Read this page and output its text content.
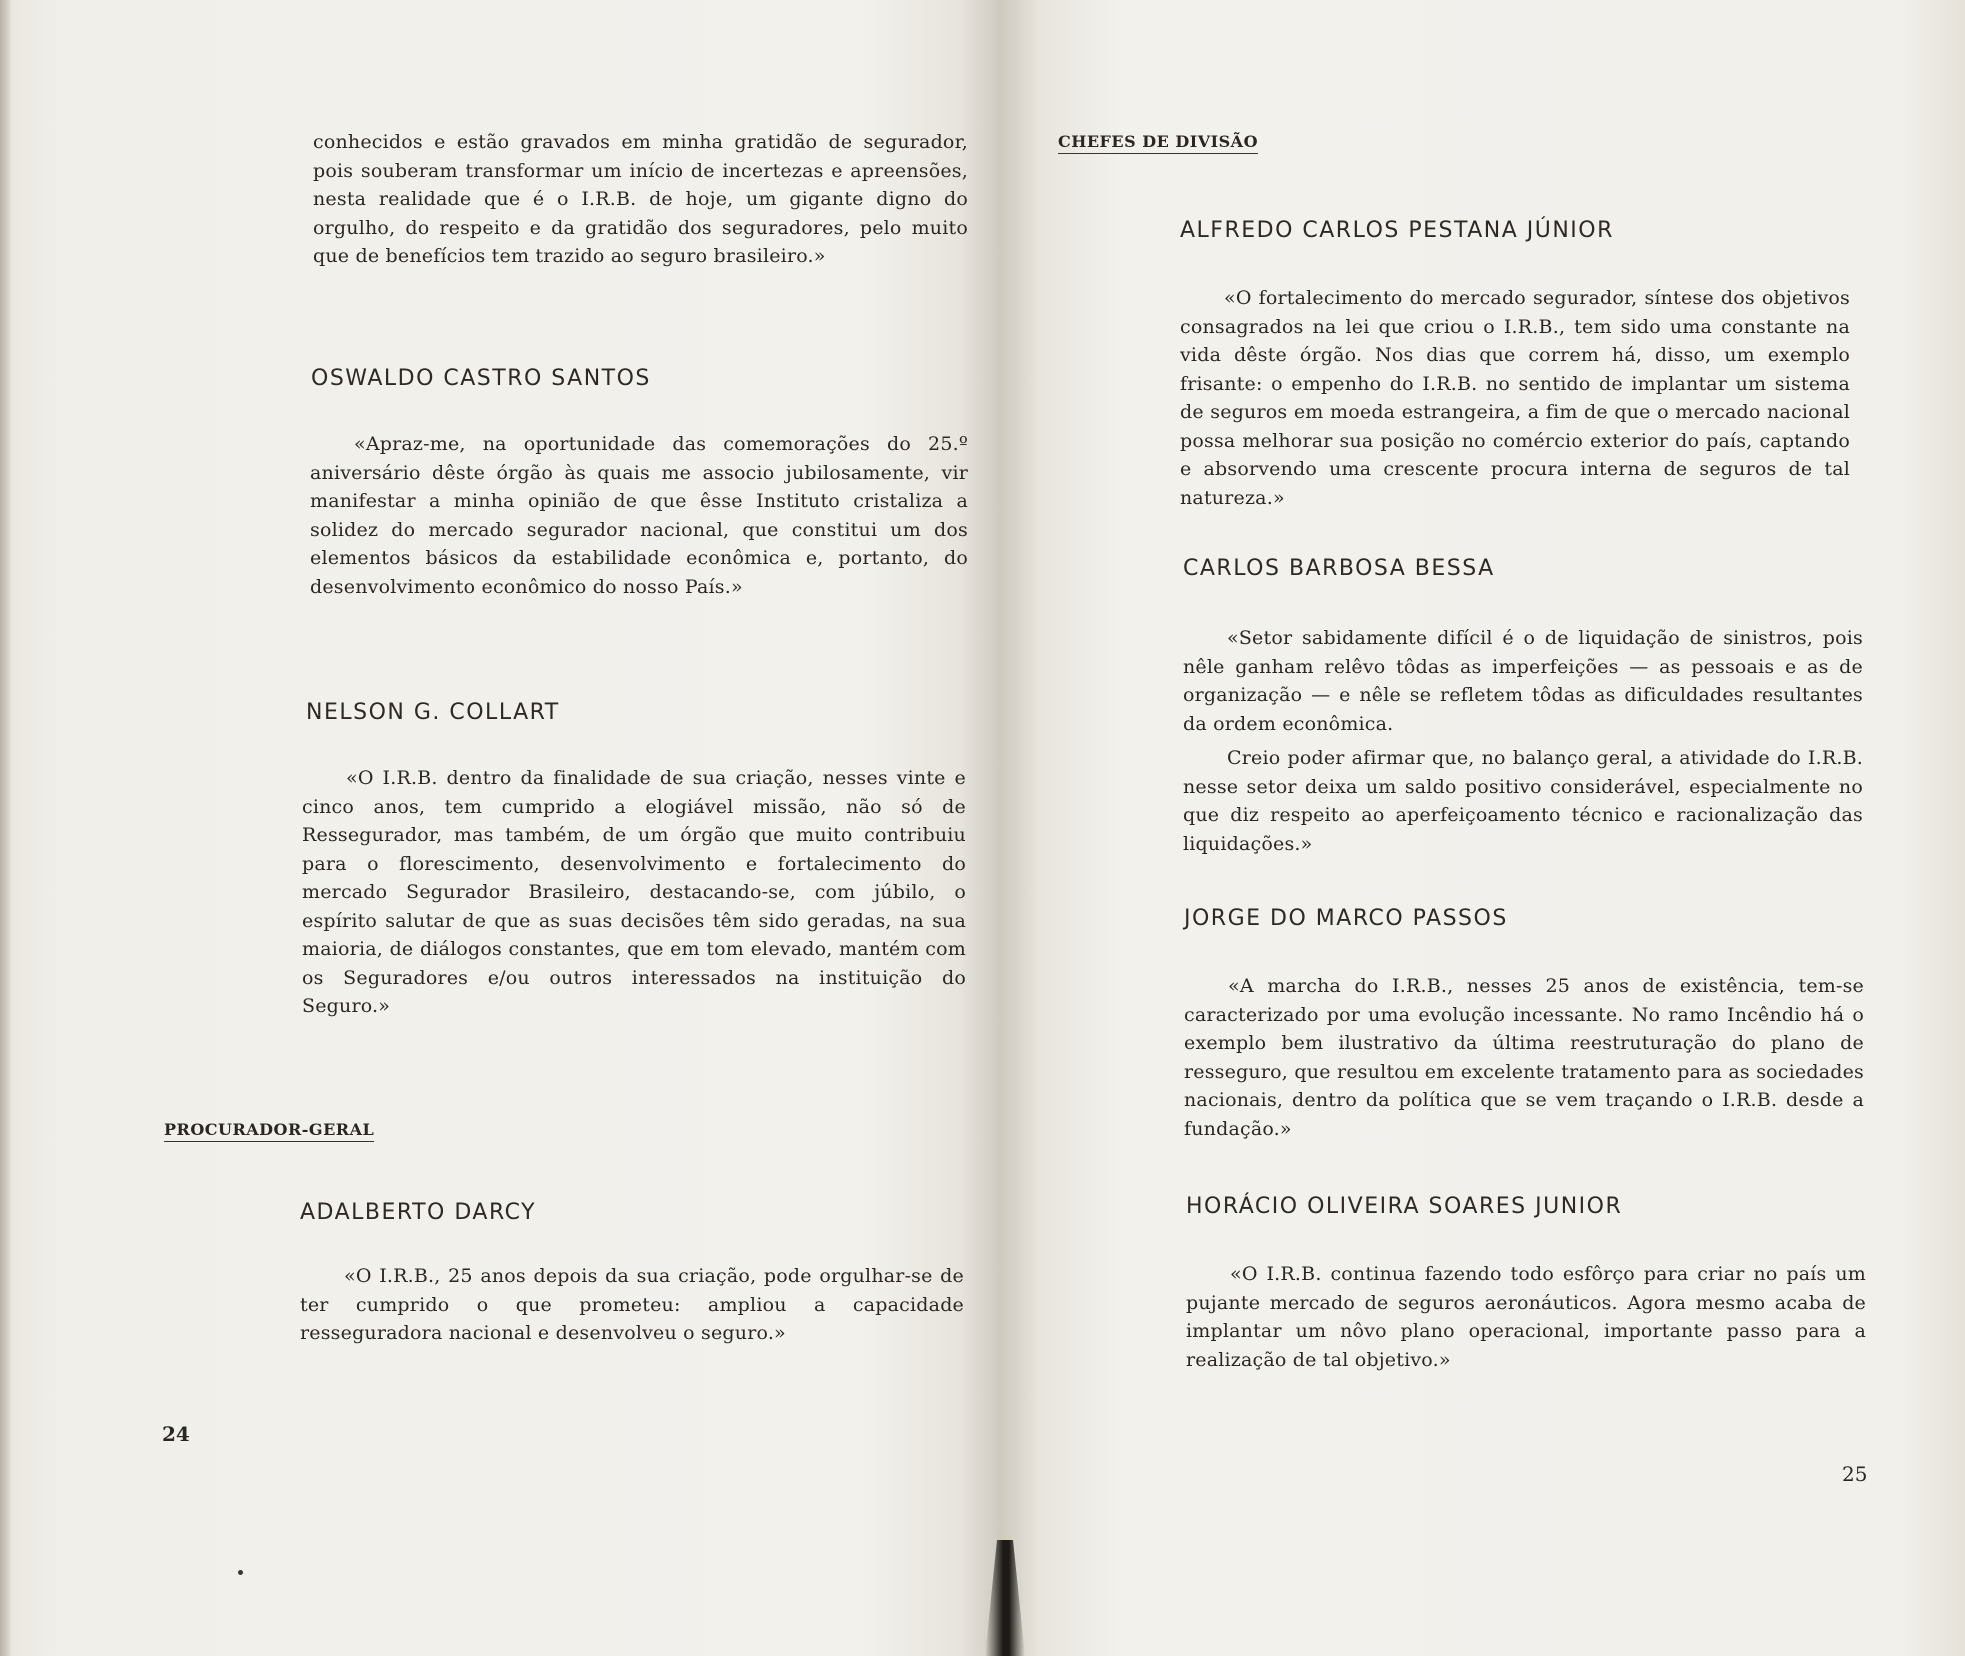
conhecidos e estão gravados em minha gratidão de segurador, pois souberam transformar um início de incertezas e apreensões, nesta realidade que é o I.R.B. de hoje, um gigante digno do orgulho, do respeito e da gratidão dos seguradores, pelo muito que de benefícios tem trazido ao seguro brasileiro.»

OSWALDO CASTRO SANTOS

«Apraz-me, na oportunidade das comemorações do 25.º aniversário dêste órgão às quais me associo jubilosamente, vir manifestar a minha opinião de que êsse Instituto cristaliza a solidez do mercado segurador nacional, que constitui um dos elementos básicos da estabilidade econômica e, portanto, do desenvolvimento econômico do nosso País.»

NELSON G. COLLART

«O I.R.B. dentro da finalidade de sua criação, nesses vinte e cinco anos, tem cumprido a elogiável missão, não só de Ressegurador, mas também, de um órgão que muito contribuiu para o florescimento, desenvolvimento e fortalecimento do mercado Segurador Brasileiro, destacando-se, com júbilo, o espírito salutar de que as suas decisões têm sido geradas, na sua maioria, de diálogos constantes, que em tom elevado, mantém com os Seguradores e/ou outros interessados na instituição do Seguro.»

PROCURADOR-GERAL
ADALBERTO DARCY

«O I.R.B., 25 anos depois da sua criação, pode orgulhar-se de ter cumprido o que prometeu: ampliou a capacidade resseguradora nacional e desenvolveu o seguro.»

24
CHEFES DE DIVISÃO
ALFREDO CARLOS PESTANA JÚNIOR

«O fortalecimento do mercado segurador, síntese dos objetivos consagrados na lei que criou o I.R.B., tem sido uma constante na vida dêste órgão. Nos dias que correm há, disso, um exemplo frisante: o empenho do I.R.B. no sentido de implantar um sistema de seguros em moeda estrangeira, a fim de que o mercado nacional possa melhorar sua posição no comércio exterior do país, captando e absorvendo uma crescente procura interna de seguros de tal natureza.»

CARLOS BARBOSA BESSA

«Setor sabidamente difícil é o de liquidação de sinistros, pois nêle ganham relêvo tôdas as imperfeições — as pessoais e as de organização — e nêle se refletem tôdas as dificuldades resultantes da ordem econômica.

Creio poder afirmar que, no balanço geral, a atividade do I.R.B. nesse setor deixa um saldo positivo considerável, especialmente no que diz respeito ao aperfeiçoamento técnico e racionalização das liquidações.»

JORGE DO MARCO PASSOS

«A marcha do I.R.B., nesses 25 anos de existência, tem-se caracterizado por uma evolução incessante. No ramo Incêndio há o exemplo bem ilustrativo da última reestruturação do plano de resseguro, que resultou em excelente tratamento para as sociedades nacionais, dentro da política que se vem traçando o I.R.B. desde a fundação.»

HORÁCIO OLIVEIRA SOARES JUNIOR

«O I.R.B. continua fazendo todo esfôrço para criar no país um pujante mercado de seguros aeronáuticos. Agora mesmo acaba de implantar um nôvo plano operacional, importante passo para a realização de tal objetivo.»

25
